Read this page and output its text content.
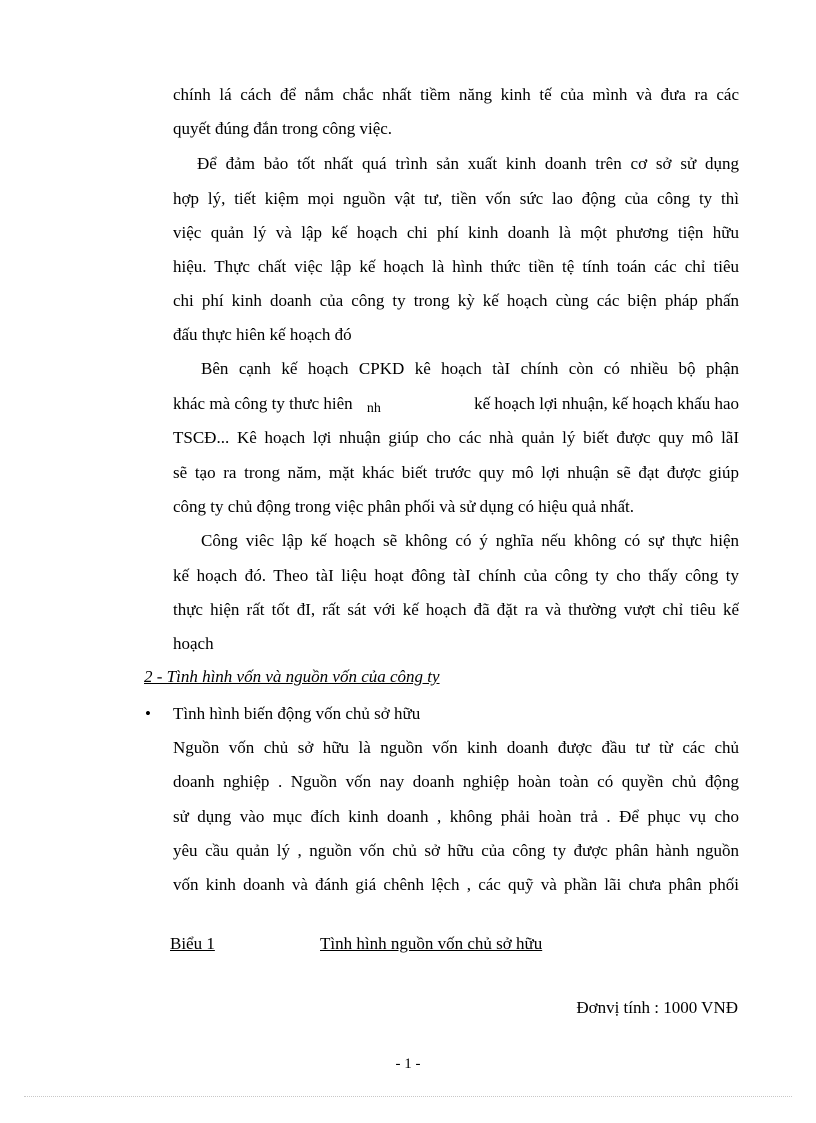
chính lá cách để nắm chắc nhất tiềm năng kinh tế của mình và đưa ra các
quyết đúng đắn trong công việc.
Để đảm bảo tốt nhất quá trình sản xuất kinh doanh trên cơ sở sử dụng
hợp lý, tiết kiệm mọi nguồn vật tư, tiền vốn sức lao động của công ty thì
việc quản lý và lập kế hoạch chi phí kinh doanh là một phương tiện hữu
hiệu. Thực chất việc lập kế hoạch là hình thức tiền tệ tính toán các chỉ tiêu
chi phí kinh doanh của công ty trong kỳ kế hoạch cùng các biện pháp phấn
đấu thực hiên kế hoạch đó
Bên cạnh kế hoạch CPKD kê hoạch tàI chính còn có nhiều bộ phận
khác mà công ty thưc hiên nh	kế hoạch lợi nhuận, kế hoạch khấu hao
TSCĐ... Kê hoạch lợi nhuận giúp cho các nhà quản lý biết được quy mô lãI
sẽ tạo ra trong năm, mặt khác biết trước quy mô lợi nhuận sẽ đạt được giúp
công ty chủ động trong việc phân phối và sử dụng có hiệu quả nhất.
Công viêc lập kế hoạch sẽ không có ý nghĩa nếu không có sự thực hiện
kế hoạch đó. Theo tàI liệu hoạt đông tàI chính của công ty cho thấy công ty
thực hiện rất tốt đI, rất sát với kế hoạch đã đặt ra và thường vượt chỉ tiêu kế
hoạch
2 - Tình hình vốn và nguồn vốn của công ty
• Tình hình biến động vốn chủ sở hữu
Nguồn vốn chủ sở hữu là nguồn vốn kinh doanh được đầu tư từ các chủ
doanh nghiệp . Nguồn vốn nay doanh nghiệp hoàn toàn có quyền chủ động
sử dụng vào mục đích kinh doanh , không phải hoàn trả . Để phục vụ cho
yêu cầu quản lý , nguồn vốn chủ sở hữu của công ty được phân hành nguồn
vốn kinh doanh và đánh giá chênh lệch , các quỹ và phần lãi chưa phân phối
Biểu 1	Tình hình nguồn vốn chủ sở hữu
Đơnvị tính : 1000 VNĐ
- 1 -
